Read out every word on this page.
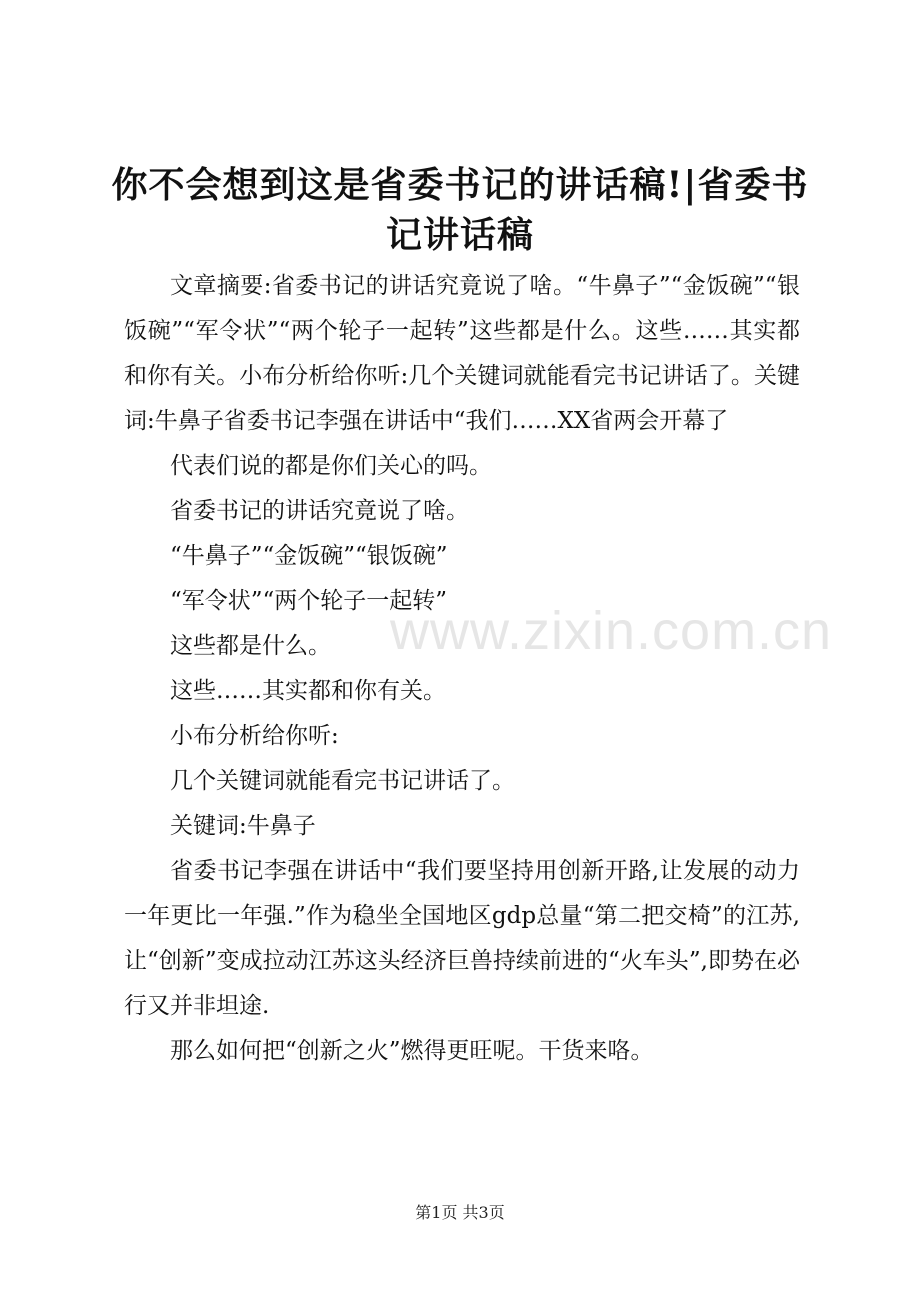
www.zixin.com.cn
你不会想到这是省委书记的讲话稿!|省委书记讲话稿

文章摘要:省委书记的讲话究竟说了啥。“牛鼻子”“金饭碗”“银饭碗”“军令状”“两个轮子一起转”这些都是什么。这些……其实都和你有关。小布分析给你听:几个关键词就能看完书记讲话了。关键词:牛鼻子省委书记李强在讲话中“我们……XX省两会开幕了

代表们说的都是你们关心的吗。

省委书记的讲话究竟说了啥。

“牛鼻子”“金饭碗”“银饭碗”

“军令状”“两个轮子一起转”

这些都是什么。

这些……其实都和你有关。

小布分析给你听:

几个关键词就能看完书记讲话了。

关键词:牛鼻子

省委书记李强在讲话中“我们要坚持用创新开路,让发展的动力一年更比一年强.”作为稳坐全国地区gdp总量“第二把交椅”的江苏,让“创新”变成拉动江苏这头经济巨兽持续前进的“火车头”,即势在必行又并非坦途.

那么如何把“创新之火”燃得更旺呢。干货来咯。

第1页 共3页
